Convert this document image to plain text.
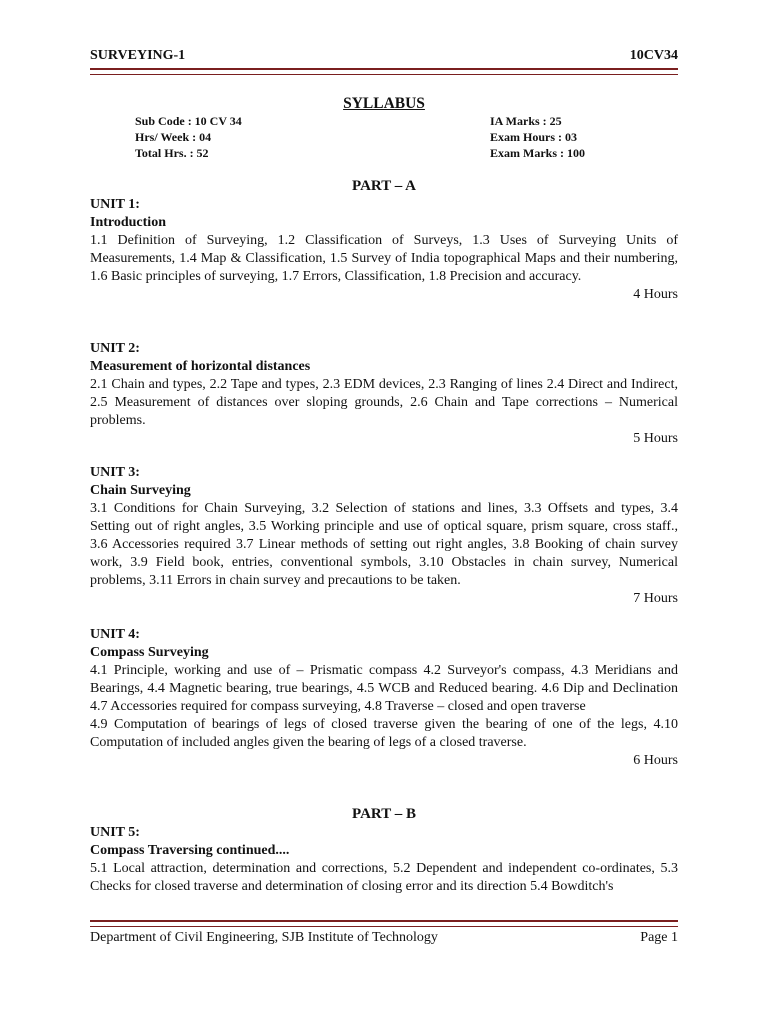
SURVEYING-1	10CV34
SYLLABUS
Sub Code : 10 CV 34
Hrs/ Week : 04
Total Hrs. : 52
IA Marks : 25
Exam Hours : 03
Exam Marks : 100
PART – A
UNIT 1:
Introduction
1.1 Definition of Surveying, 1.2 Classification of Surveys, 1.3 Uses of Surveying Units of Measurements, 1.4 Map & Classification, 1.5 Survey of India topographical Maps and their numbering, 1.6 Basic principles of surveying, 1.7 Errors, Classification, 1.8 Precision and accuracy.
4 Hours
UNIT 2:
Measurement of horizontal distances
2.1 Chain and types, 2.2 Tape and types, 2.3 EDM devices, 2.3 Ranging of lines 2.4 Direct and Indirect, 2.5 Measurement of distances over sloping grounds, 2.6 Chain and Tape corrections – Numerical problems.
5 Hours
UNIT 3:
Chain Surveying
3.1 Conditions for Chain Surveying, 3.2 Selection of stations and lines, 3.3 Offsets and types, 3.4 Setting out of right angles, 3.5 Working principle and use of optical square, prism square, cross staff., 3.6 Accessories required 3.7 Linear methods of setting out right angles, 3.8 Booking of chain survey work, 3.9 Field book, entries, conventional symbols, 3.10 Obstacles in chain survey, Numerical problems, 3.11 Errors in chain survey and precautions to be taken.
7 Hours
UNIT 4:
Compass Surveying
4.1 Principle, working and use of – Prismatic compass 4.2 Surveyor's compass, 4.3 Meridians and Bearings, 4.4 Magnetic bearing, true bearings, 4.5 WCB and Reduced bearing. 4.6 Dip and Declination 4.7 Accessories required for compass surveying, 4.8 Traverse – closed and open traverse
4.9 Computation of bearings of legs of closed traverse given the bearing of one of the legs, 4.10 Computation of included angles given the bearing of legs of a closed traverse.
6 Hours
PART – B
UNIT 5:
Compass Traversing continued....
5.1 Local attraction, determination and corrections, 5.2 Dependent and independent co-ordinates, 5.3 Checks for closed traverse and determination of closing error and its direction 5.4 Bowditch's
Department of Civil Engineering, SJB Institute of Technology	Page 1
